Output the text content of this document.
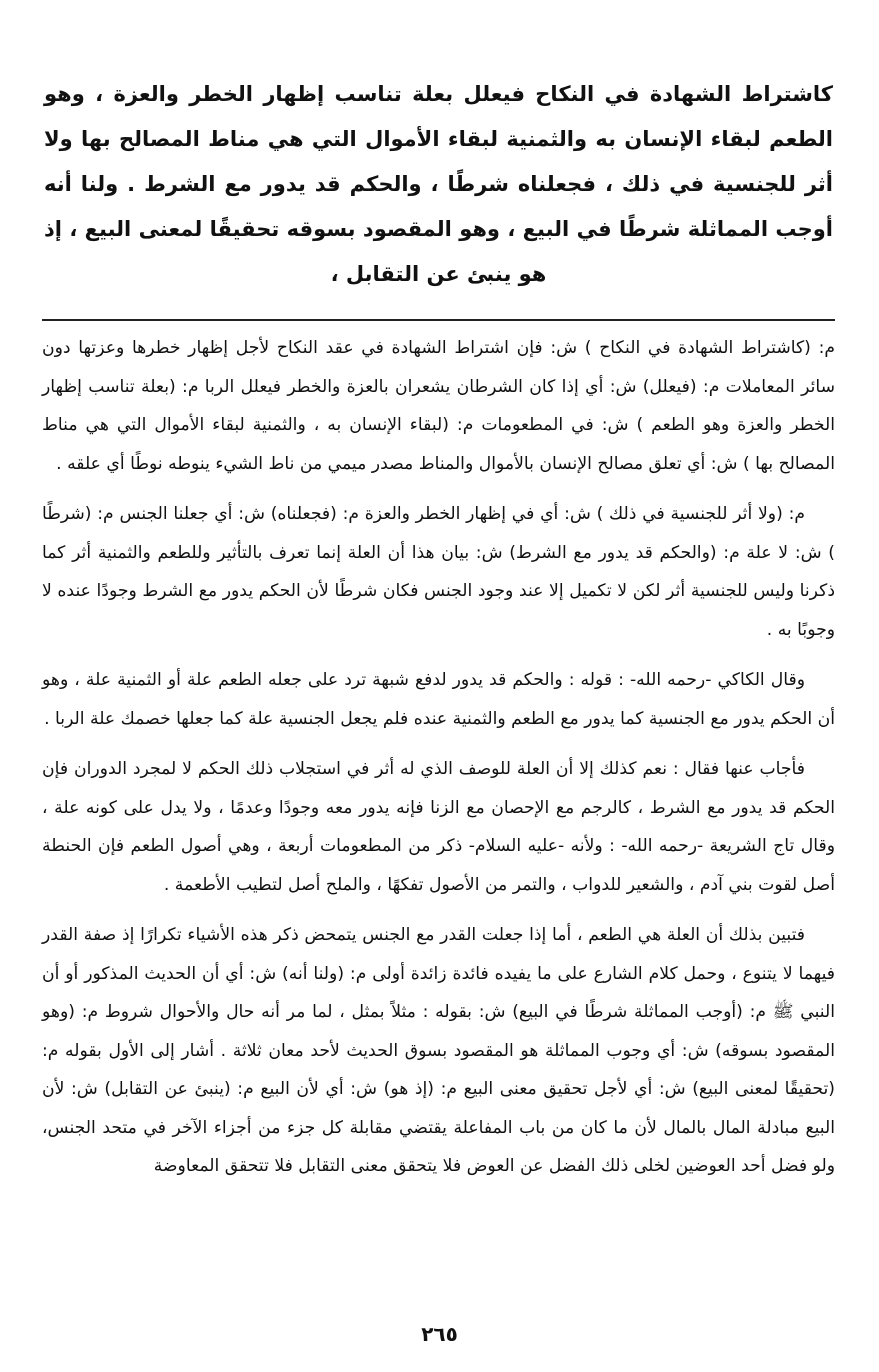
كاشتراط الشهادة في النكاح فيعلل بعلة تناسب إظهار الخطر والعزة ، وهو الطعم لبقاء الإنسان به والثمنية لبقاء الأموال التي هي مناط المصالح بها ولا أثر للجنسية في ذلك ، فجعلناه شرطًا ، والحكم قد يدور مع الشرط . ولنا أنه أوجب المماثلة شرطًا في البيع ، وهو المقصود بسوقه تحقيقًا لمعنى البيع ، إذ هو ينبئ عن التقابل ،

م: (كاشتراط الشهادة في النكاح ) ش: فإن اشتراط الشهادة في عقد النكاح لأجل إظهار خطرها وعزتها دون سائر المعاملات م: (فيعلل) ش: أي إذا كان الشرطان يشعران بالعزة والخطر فيعلل الربا م: (بعلة تناسب إظهار الخطر والعزة وهو الطعم ) ش: في المطعومات م: (لبقاء الإنسان به ، والثمنية لبقاء الأموال التي هي مناط المصالح بها ) ش: أي تعلق مصالح الإنسان بالأموال والمناط مصدر ميمي من ناط الشيء ينوطه نوطًا أي علقه .

م: (ولا أثر للجنسية في ذلك ) ش: أي في إظهار الخطر والعزة م: (فجعلناه) ش: أي جعلنا الجنس م: (شرطًا ) ش: لا علة م: (والحكم قد يدور مع الشرط) ش: بيان هذا أن العلة إنما تعرف بالتأثير وللطعم والثمنية أثر كما ذكرنا وليس للجنسية أثر لكن لا تكميل إلا عند وجود الجنس فكان شرطًا لأن الحكم يدور مع الشرط وجودًا عنده لا وجوبًا به .

وقال الكاكي -رحمه الله- : قوله : والحكم قد يدور لدفع شبهة ترد على جعله الطعم علة أو الثمنية علة ، وهو أن الحكم يدور مع الجنسية كما يدور مع الطعم والثمنية عنده فلم يجعل الجنسية علة كما جعلها خصمك علة الربا .

فأجاب عنها فقال : نعم كذلك إلا أن العلة للوصف الذي له أثر في استجلاب ذلك الحكم لا لمجرد الدوران فإن الحكم قد يدور مع الشرط ، كالرجم مع الإحصان مع الزنا فإنه يدور معه وجودًا وعدمًا ، ولا يدل على كونه علة ، وقال تاج الشريعة -رحمه الله- : ولأنه -عليه السلام- ذكر من المطعومات أربعة ، وهي أصول الطعم فإن الحنطة أصل لقوت بني آدم ، والشعير للدواب ، والتمر من الأصول تفكهًا ، والملح أصل لتطيب الأطعمة .

فتبين بذلك أن العلة هي الطعم ، أما إذا جعلت القدر مع الجنس يتمحض ذكر هذه الأشياء تكرارًا إذ صفة القدر فيهما لا يتنوع ، وحمل كلام الشارع على ما يفيده فائدة زائدة أولى م: (ولنا أنه) ش: أي أن الحديث المذكور أو أن النبي ﷺ م: (أوجب المماثلة شرطًا في البيع) ش: بقوله : مثلاً بمثل ، لما مر أنه حال والأحوال شروط م: (وهو المقصود بسوقه) ش: أي وجوب المماثلة هو المقصود بسوق الحديث لأحد معان ثلاثة . أشار إلى الأول بقوله م: (تحقيقًا لمعنى البيع) ش: أي لأجل تحقيق معنى البيع م: (إذ هو) ش: أي لأن البيع م: (ينبئ عن التقابل) ش: لأن البيع مبادلة المال بالمال لأن ما كان من باب المفاعلة يقتضي مقابلة كل جزء من أجزاء الآخر في متحد الجنس، ولو فضل أحد العوضين لخلى ذلك الفضل عن العوض فلا يتحقق معنى التقابل فلا تتحقق المعاوضة

٢٦٥
